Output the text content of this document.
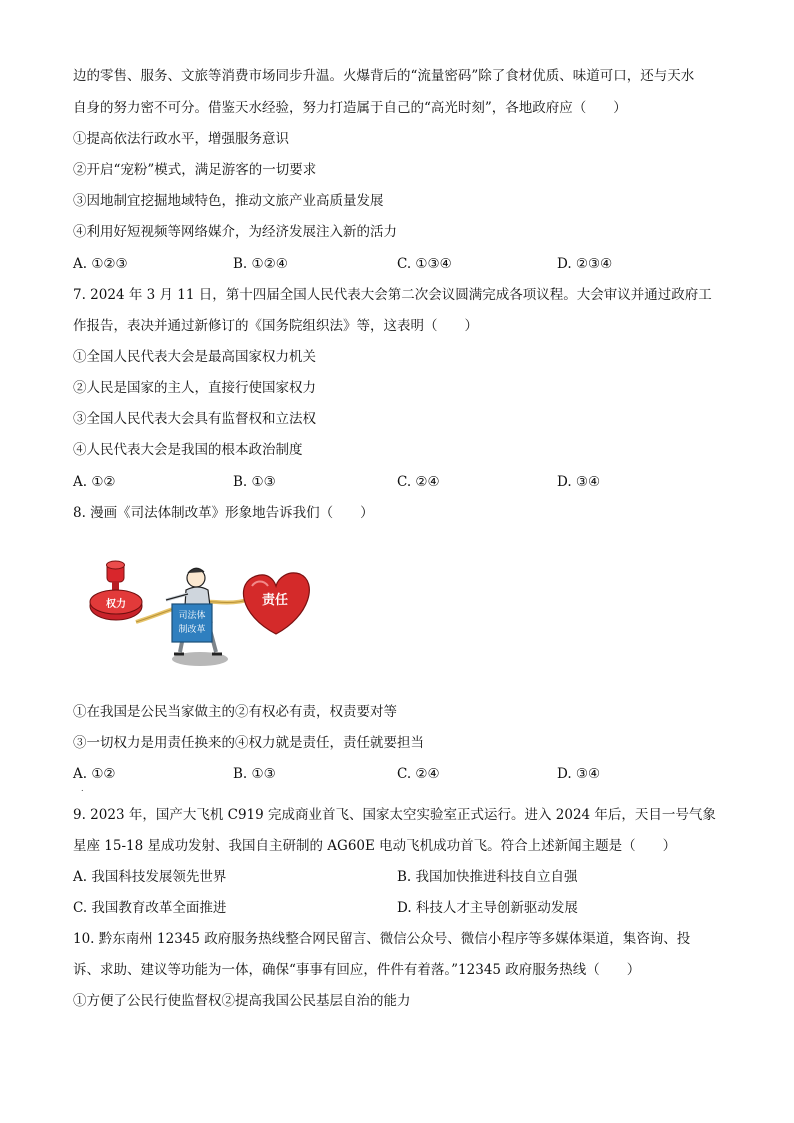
边的零售、服务、文旅等消费市场同步升温。火爆背后的“流量密码”除了食材优质、味道可口，还与天水
自身的努力密不可分。借鉴天水经验，努力打造属于自己的“高光时刻”，各地政府应（　　）
①提高依法行政水平，增强服务意识
②开启“宠粉”模式，满足游客的一切要求
③因地制宜挖掘地域特色，推动文旅产业高质量发展
④利用好短视频等网络媒介，为经济发展注入新的活力
A. ①②③	B. ①②④	C. ①③④	D. ②③④
7. 2024 年 3 月 11 日，第十四届全国人民代表大会第二次会议圆满完成各项议程。大会审议并通过政府工
作报告，表决并通过新修订的《国务院组织法》等，这表明（　　）
①全国人民代表大会是最高国家权力机关
②人民是国家的主人，直接行使国家权力
③全国人民代表大会具有监督权和立法权
④人民代表大会是我国的根本政治制度
A. ①②	B. ①③	C. ②④	D. ③④
8. 漫画《司法体制改革》形象地告诉我们（　　）
权力
司法体
制改革
责任
①在我国是公民当家做主的②有权必有责，权责要对等
③一切权力是用责任换来的④权力就是责任，责任就要担当
A. ①②	B. ①③	C. ②④	D. ③④
.
9. 2023 年，国产大飞机 C919 完成商业首飞、国家太空实验室正式运行。进入 2024 年后，天目一号气象
星座 15-18 星成功发射、我国自主研制的 AG60E 电动飞机成功首飞。符合上述新闻主题是（　　）
A. 我国科技发展领先世界	B. 我国加快推进科技自立自强
C. 我国教育改革全面推进	D. 科技人才主导创新驱动发展
10. 黔东南州 12345 政府服务热线整合网民留言、微信公众号、微信小程序等多媒体渠道，集咨询、投
诉、求助、建议等功能为一体，确保“事事有回应，件件有着落。”12345 政府服务热线（　　）
①方便了公民行使监督权②提高我国公民基层自治的能力
